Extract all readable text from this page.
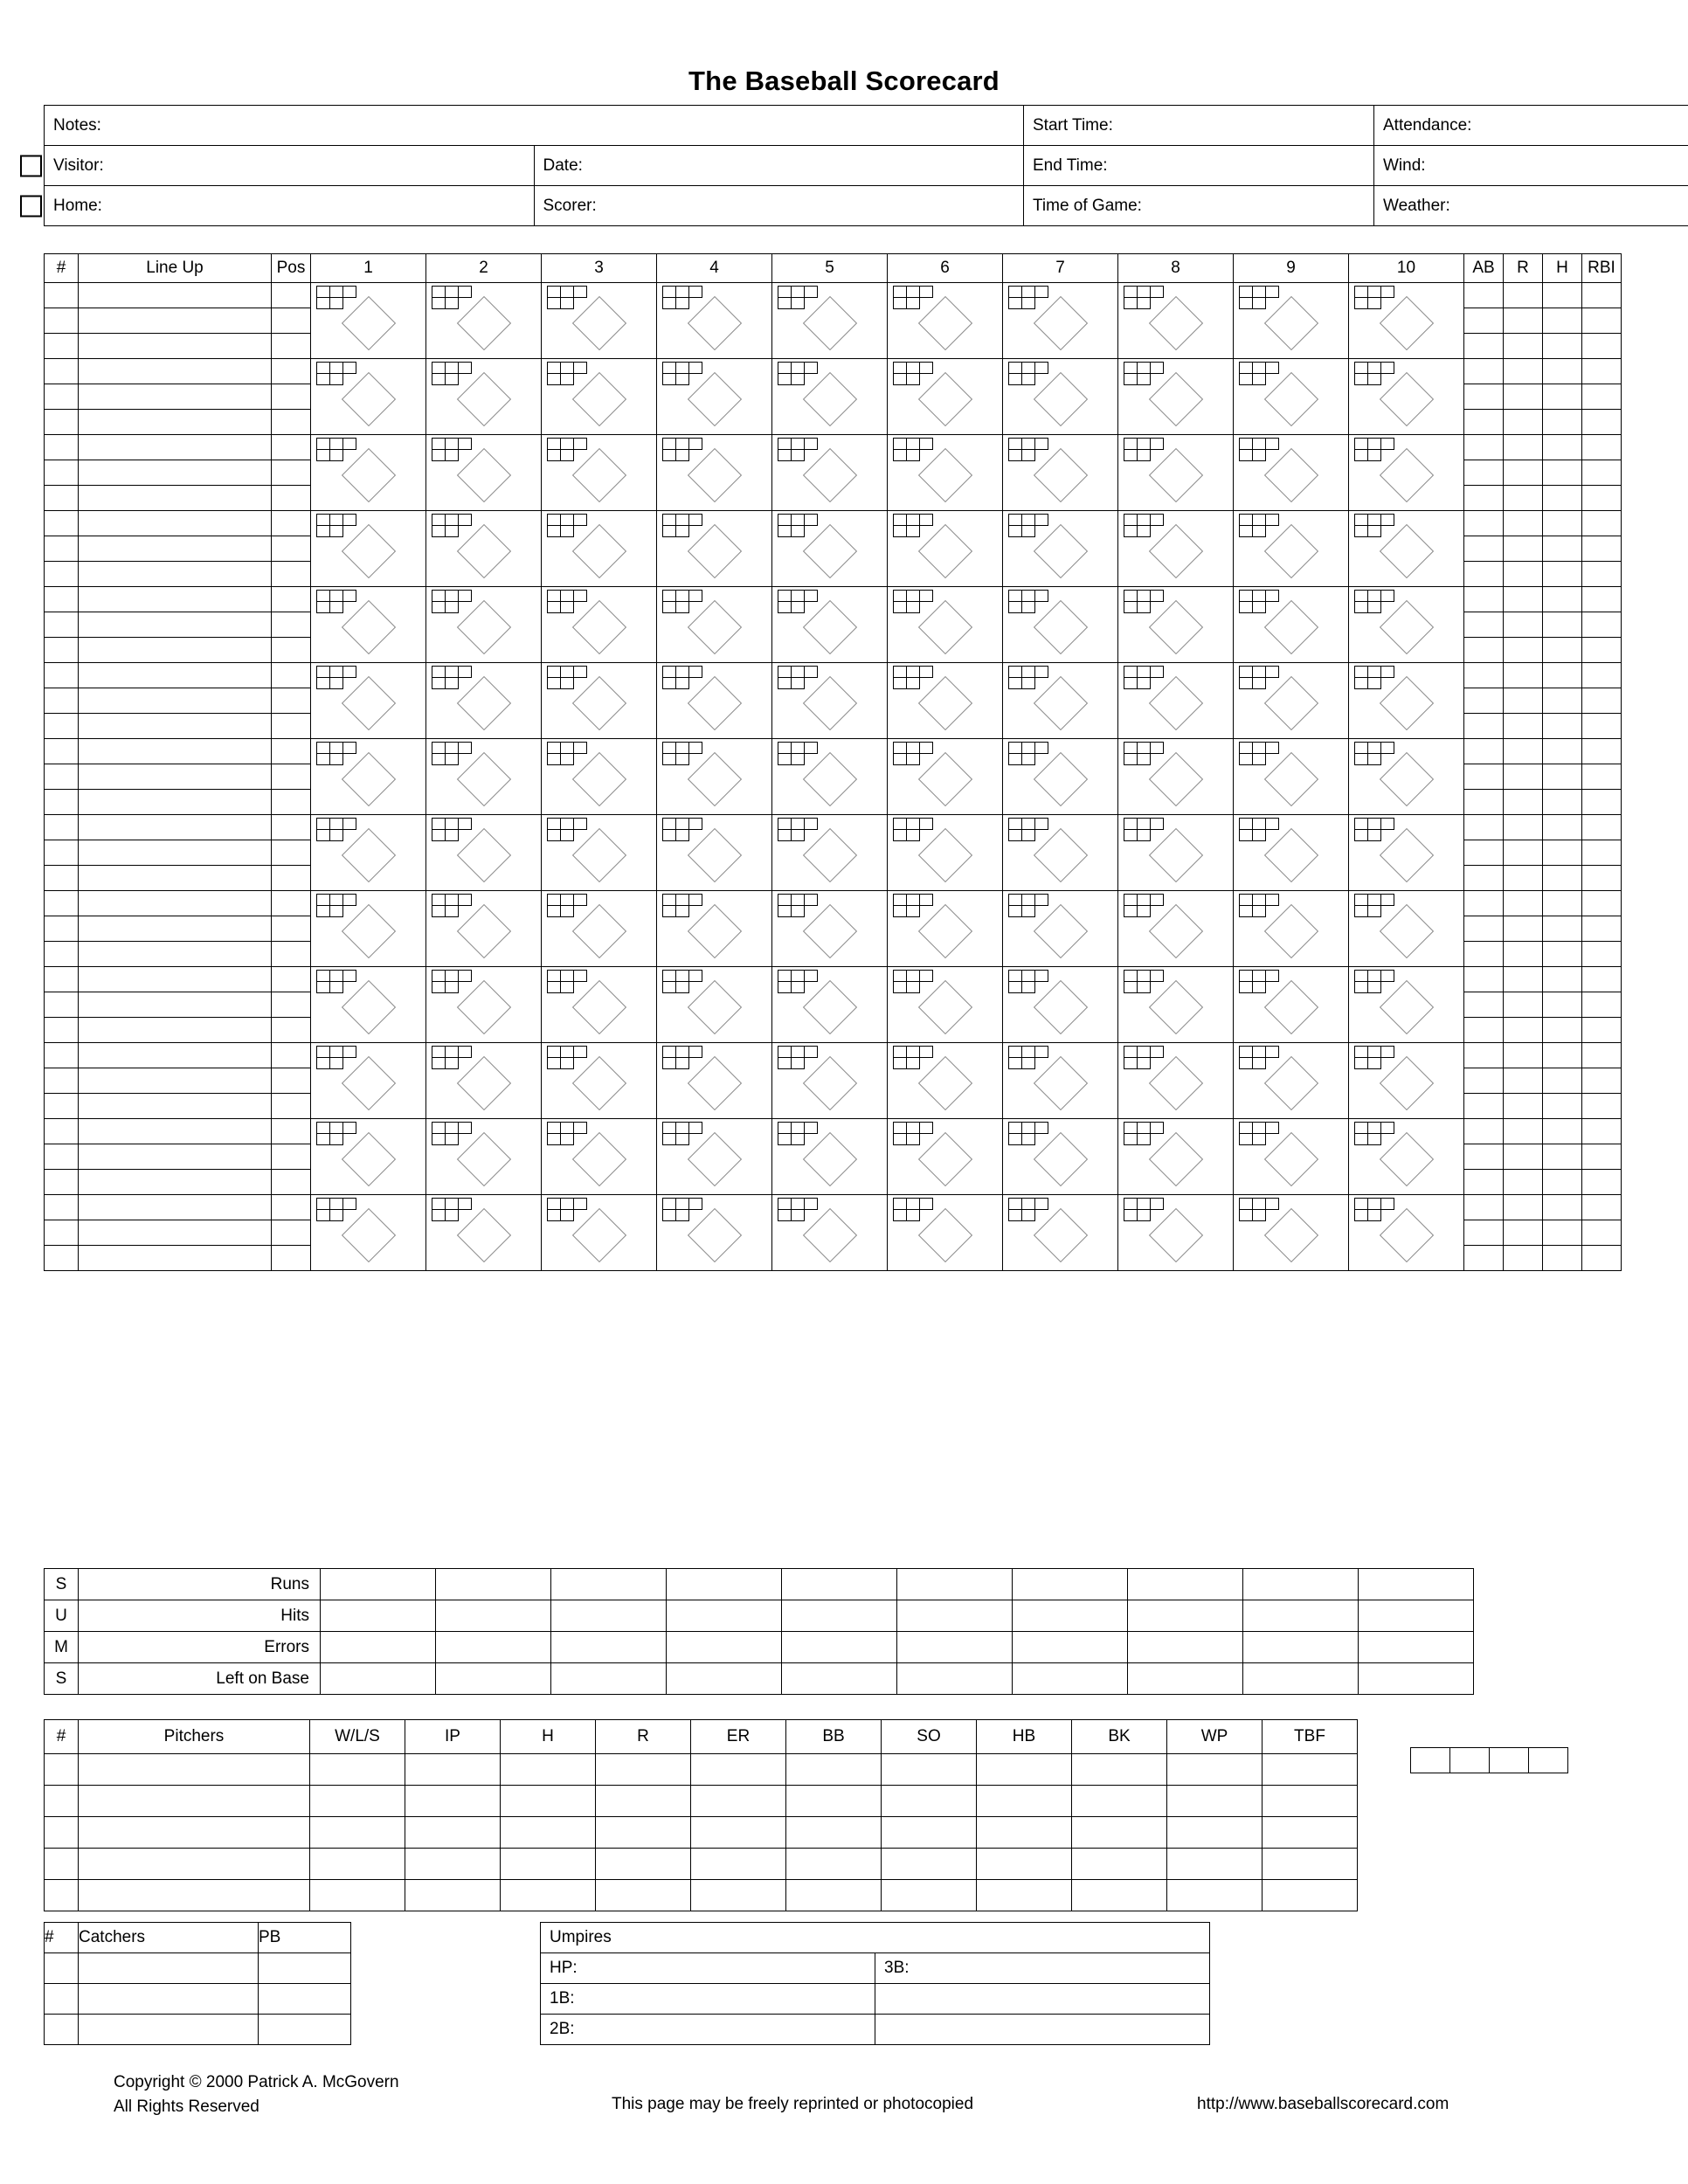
The Baseball Scorecard
Notes:		Start Time:	Attendance:

Visitor:	Date:	End Time:	Wind:

Home:	Scorer:	Time of Game:	Weather:
#	Line Up	Pos	1	2	3	4	5	6	7	8	9	10	AB	R	H	RBI

S	Runs										
U	Hits										
M	Errors										
S	Left on Base										
#	Pitchers	W/L/S	IP	H	R	ER	BB	SO	HB	BK	WP	TBF

#	Catchers	PB

			Umpires	
HP:	3B:
1B:	
2B:	
Copyright © 2000 Patrick A. McGovern
All Rights Reserved	This page may be freely reprinted or photocopied	http://www.baseballscorecard.com
